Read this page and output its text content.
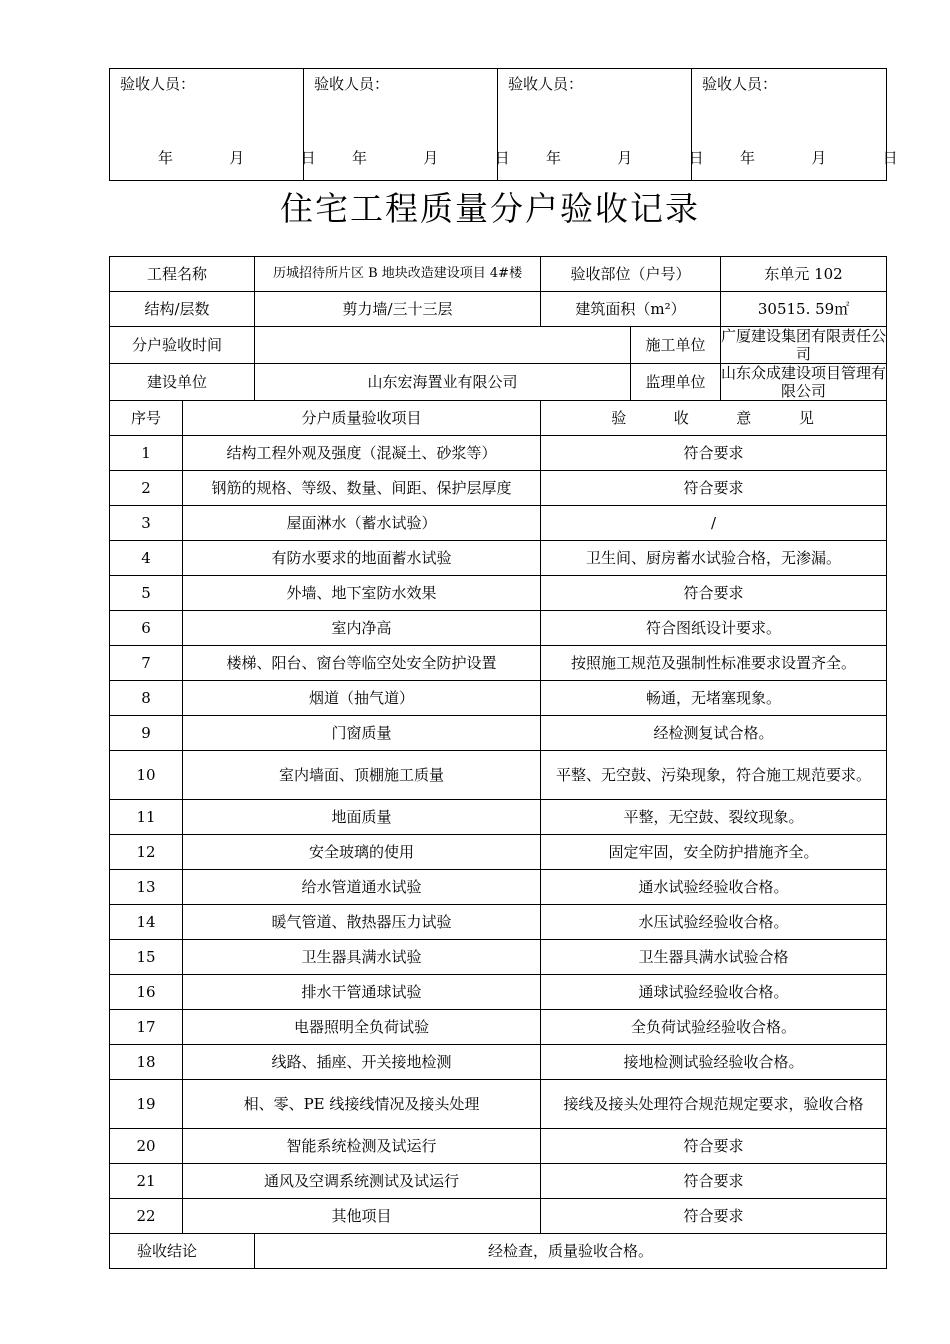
验收人员：
年   月   日

验收人员：
年   月   日

验收人员：
年   月   日

验收人员：
年   月   日
住宅工程质量分户验收记录
工程名称		历城招待所片区 B 地块改造建设项目 4#楼	验收部位（户号）		东单元 102
结构/层数		剪力墙/三十三层	建筑面积（m²）		30515. 59㎡
分户验收时间				施工单位	广厦建设集团有限责任公司
建设单位		山东宏海置业有限公司		监理单位	山东众成建设项目管理有限公司
序号	分户质量验收项目		验  收  意  见		
1	结构工程外观及强度（混凝土、砂浆等）		符合要求		
2	钢筋的规格、等级、数量、间距、保护层厚度		符合要求		
3	屋面淋水（蓄水试验）		/		
4	有防水要求的地面蓄水试验		卫生间、厨房蓄水试验合格，无渗漏。		
5	外墙、地下室防水效果		符合要求		
6	室内净高		符合图纸设计要求。		
7	楼梯、阳台、窗台等临空处安全防护设置		按照施工规范及强制性标准要求设置齐全。		
8	烟道（抽气道）		畅通，无堵塞现象。		
9	门窗质量		经检测复试合格。		
10	室内墙面、顶棚施工质量		平整、无空鼓、污染现象，符合施工规范要求。		
11	地面质量		平整，无空鼓、裂纹现象。		
12	安全玻璃的使用		固定牢固，安全防护措施齐全。		
13	给水管道通水试验		通水试验经验收合格。		
14	暖气管道、散热器压力试验		水压试验经验收合格。		
15	卫生器具满水试验		卫生器具满水试验合格		
16	排水干管通球试验		通球试验经验收合格。		
17	电器照明全负荷试验		全负荷试验经验收合格。		
18	线路、插座、开关接地检测		接地检测试验经验收合格。		
19	相、零、PE 线接线情况及接头处理		接线及接头处理符合规范规定要求，验收合格		
20	智能系统检测及试运行		符合要求		
21	通风及空调系统测试及试运行		符合要求		
22	其他项目		符合要求		
验收结论		经检查，质量验收合格。			
